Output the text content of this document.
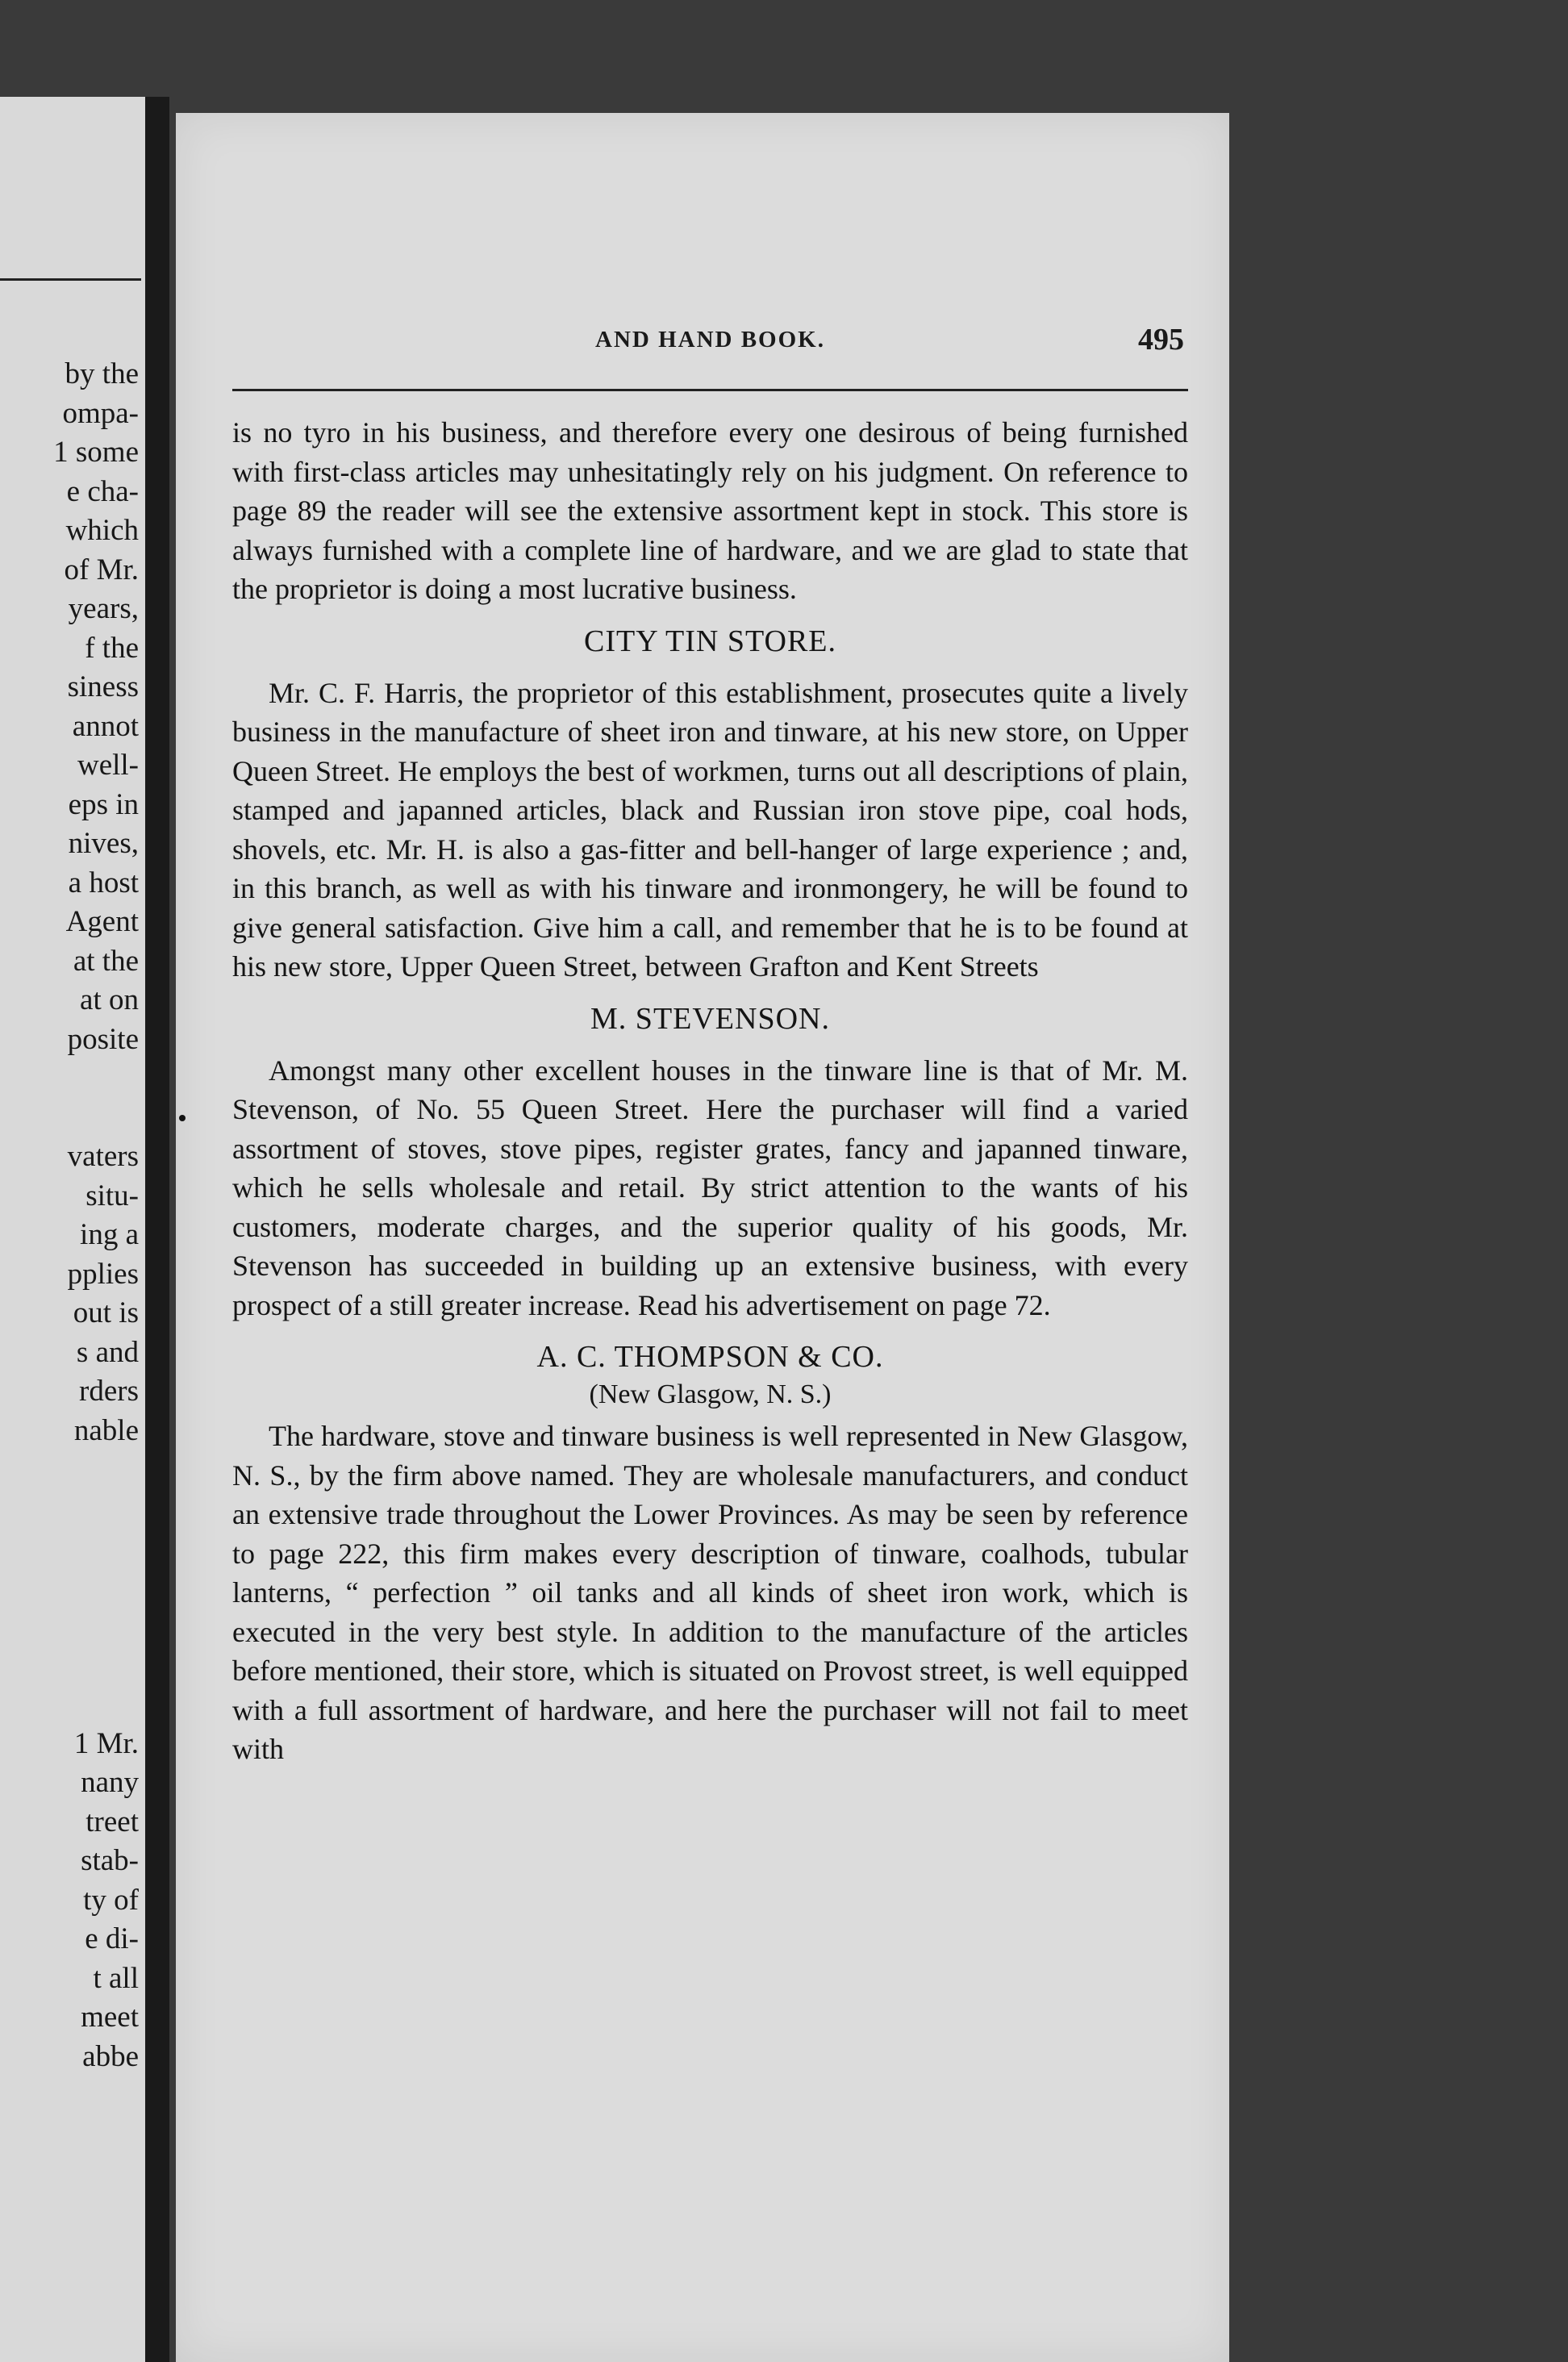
by the
ompa-
1 some
e cha-
which
of Mr.
years,
f the
siness
annot
well-
eps in
nives,
a host
Agent
at the
at on
posite

vaters
situ-
ing a
pplies
out is
s and
rders
nable

1 Mr.
nany
treet
stab-
ty of
e di-
t all
meet
abbe
AND HAND BOOK.	495

is no tyro in his business, and therefore every one desirous of being furnished with first-class articles may unhesitatingly rely on his judgment. On reference to page 89 the reader will see the extensive assortment kept in stock. This store is always furnished with a complete line of hardware, and we are glad to state that the proprietor is doing a most lucrative business.

CITY TIN STORE.

Mr. C. F. Harris, the proprietor of this establishment, prosecutes quite a lively business in the manufacture of sheet iron and tinware, at his new store, on Upper Queen Street. He employs the best of workmen, turns out all descriptions of plain, stamped and japanned articles, black and Russian iron stove pipe, coal hods, shovels, etc. Mr. H. is also a gas-fitter and bell-hanger of large experience ; and, in this branch, as well as with his tinware and ironmongery, he will be found to give general satisfaction. Give him a call, and remember that he is to be found at his new store, Upper Queen Street, between Grafton and Kent Streets

M. STEVENSON.

Amongst many other excellent houses in the tinware line is that of Mr. M. Stevenson, of No. 55 Queen Street. Here the purchaser will find a varied assortment of stoves, stove pipes, register grates, fancy and japanned tinware, which he sells wholesale and retail. By strict attention to the wants of his customers, moderate charges, and the superior quality of his goods, Mr. Stevenson has succeeded in building up an extensive business, with every prospect of a still greater increase. Read his advertisement on page 72.

A. C. THOMPSON & CO.
(New Glasgow, N. S.)

The hardware, stove and tinware business is well represented in New Glasgow, N. S., by the firm above named. They are wholesale manufacturers, and conduct an extensive trade throughout the Lower Provinces. As may be seen by reference to page 222, this firm makes every description of tinware, coalhods, tubular lanterns, “ perfection ” oil tanks and all kinds of sheet iron work, which is executed in the very best style. In addition to the manufacture of the articles before mentioned, their store, which is situated on Provost street, is well equipped with a full assortment of hardware, and here the purchaser will not fail to meet with
